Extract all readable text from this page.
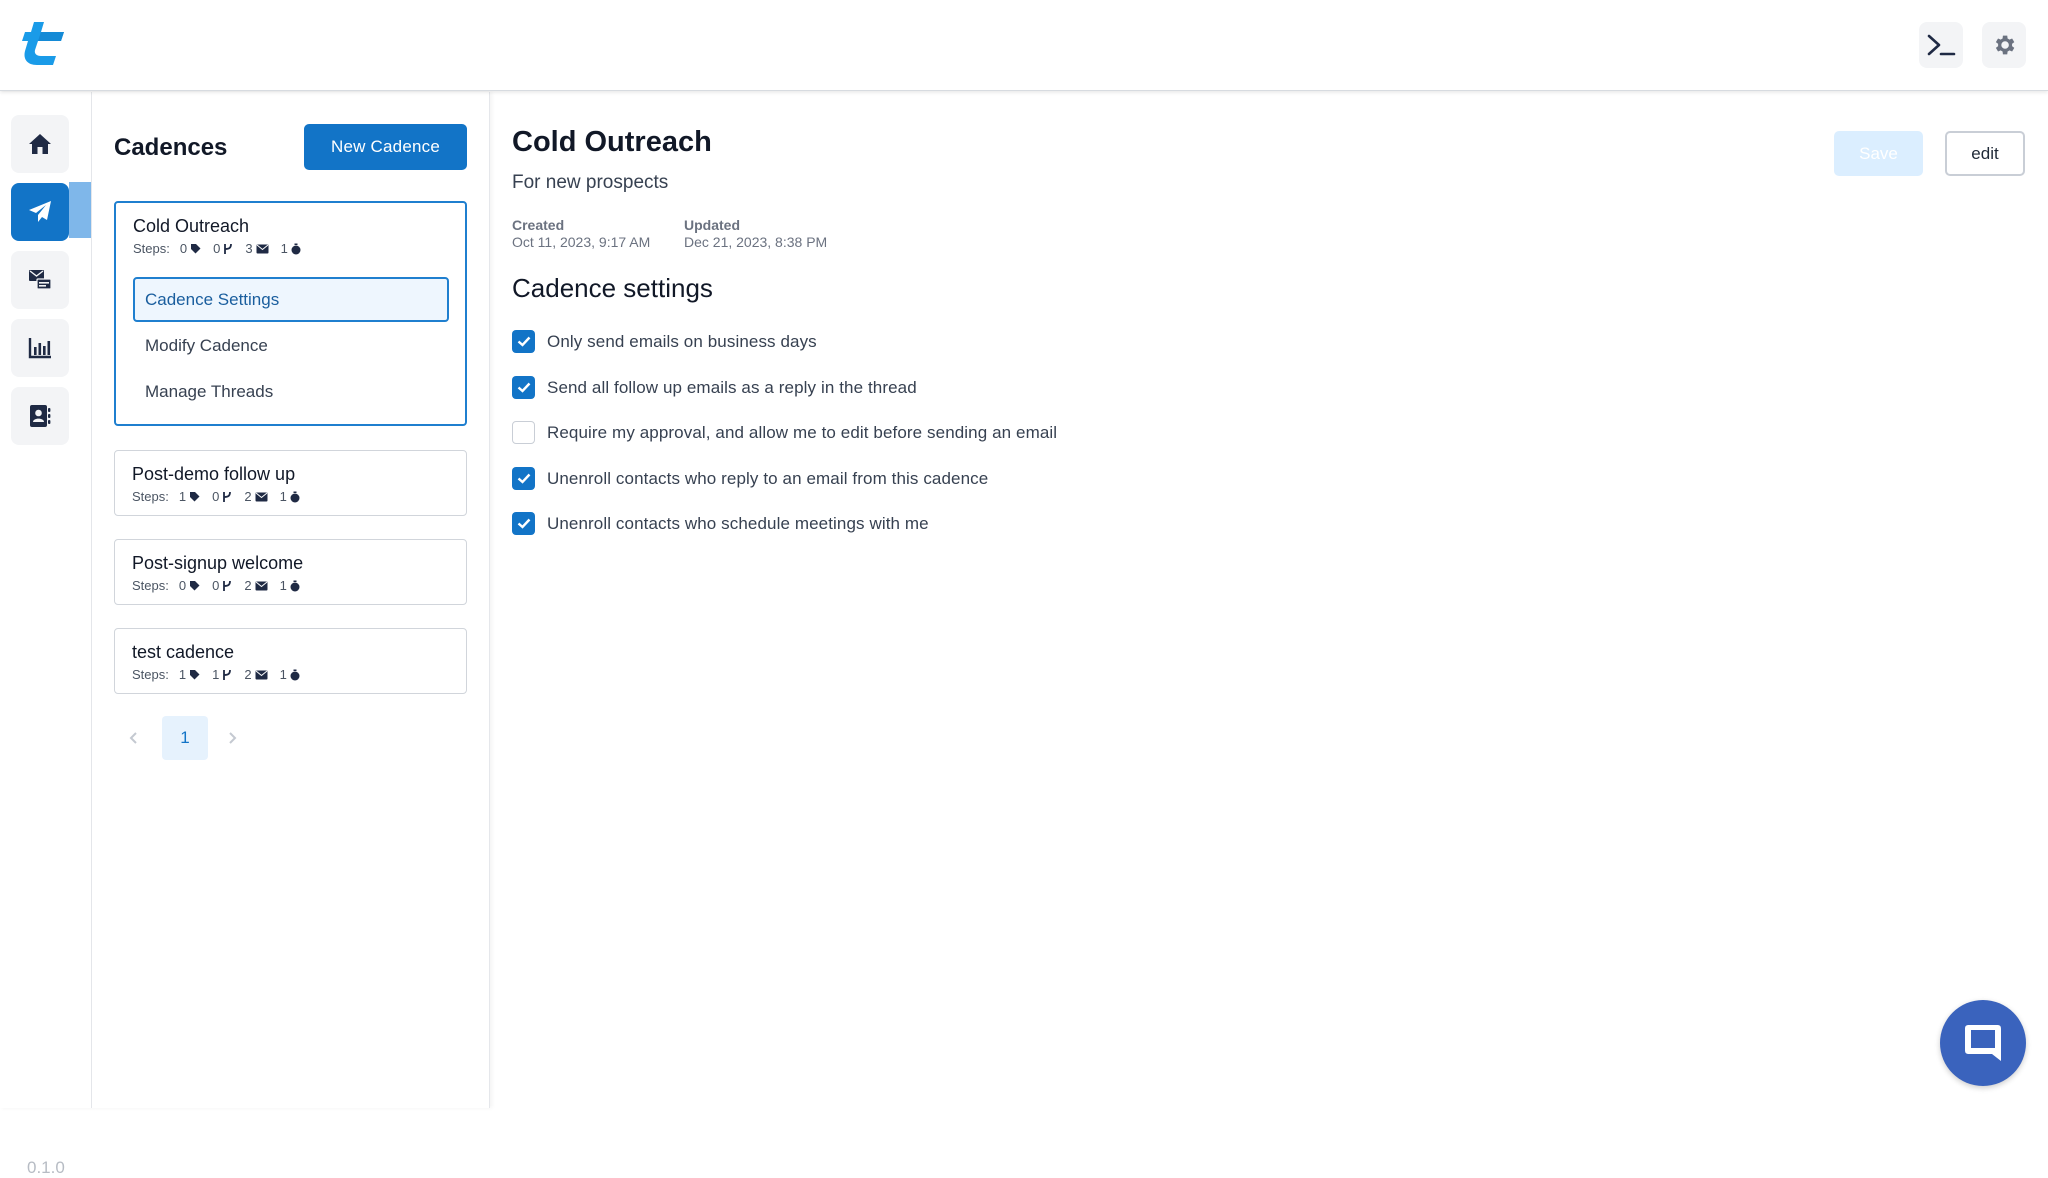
0.1.0
Cadences	New Cadence
Cold Outreach
Steps: 0 0 3 1
Cadence Settings
Modify Cadence
Manage Threads
Post-demo follow up
Steps: 1 0 2 1
Post-signup welcome
Steps: 0 0 2 1
test cadence
Steps: 1 1 2 1
1
Cold Outreach
For new prospects
Created
Oct 11, 2023, 9:17 AM
Updated
Dec 21, 2023, 8:38 PM
Save	edit
Cadence settings
Only send emails on business days
Send all follow up emails as a reply in the thread
Require my approval, and allow me to edit before sending an email
Unenroll contacts who reply to an email from this cadence
Unenroll contacts who schedule meetings with me
